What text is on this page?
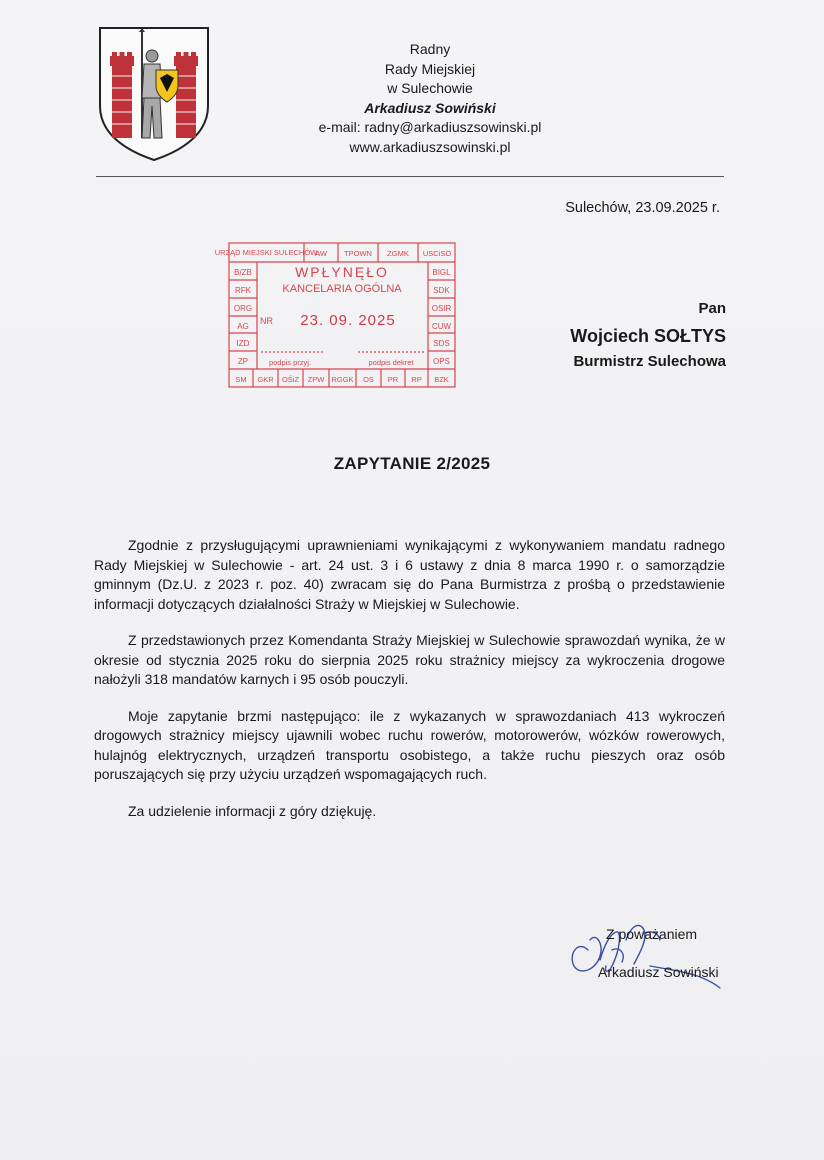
Radny
Rady Miejskiej
w Sulechowie
Arkadiusz Sowiński
e-mail: radny@arkadiuszsowinski.pl
www.arkadiuszsowinski.pl
Sulechów, 23.09.2025 r.
URZĄD MIEJSKI SULECHÓW
AW TPOWN ZGMK USCiSO
WPŁYNĘŁO
KANCELARIA OGÓLNA
NR 23. 09. 2025
podpis przyj.	podpis dekret
B/ZB
RFK
ORG
AG
IZD
ZP
BIGL
SDK
OSIR
CUW
SDS
OPS
SM GKR OŚiZ ZPW RGGK OS PR RP BZK
Pan
Wojciech SOŁTYS
Burmistrz Sulechowa
ZAPYTANIE 2/2025

Zgodnie z przysługującymi uprawnieniami wynikającymi z wykonywaniem mandatu radnego Rady Miejskiej w Sulechowie - art. 24 ust. 3 i 6 ustawy z dnia 8 marca 1990 r. o samorządzie gminnym (Dz.U. z 2023 r. poz. 40) zwracam się do Pana Burmistrza z prośbą o przedstawienie informacji dotyczących działalności Straży w Miejskiej w Sulechowie.

Z przedstawionych przez Komendanta Straży Miejskiej w Sulechowie sprawozdań wynika, że w okresie od stycznia 2025 roku do sierpnia 2025 roku strażnicy miejscy za wykroczenia drogowe nałożyli 318 mandatów karnych i 95 osób pouczyli.

Moje zapytanie brzmi następująco: ile z wykazanych w sprawozdaniach 413 wykroczeń drogowych strażnicy miejscy ujawnili wobec ruchu rowerów, motorowerów, wózków rowerowych, hulajnóg elektrycznych, urządzeń transportu osobistego, a także ruchu pieszych oraz osób poruszających się przy użyciu urządzeń wspomagających ruch.

Za udzielenie informacji z góry dziękuję.

Z poważaniem
Arkadiusz Sowiński
